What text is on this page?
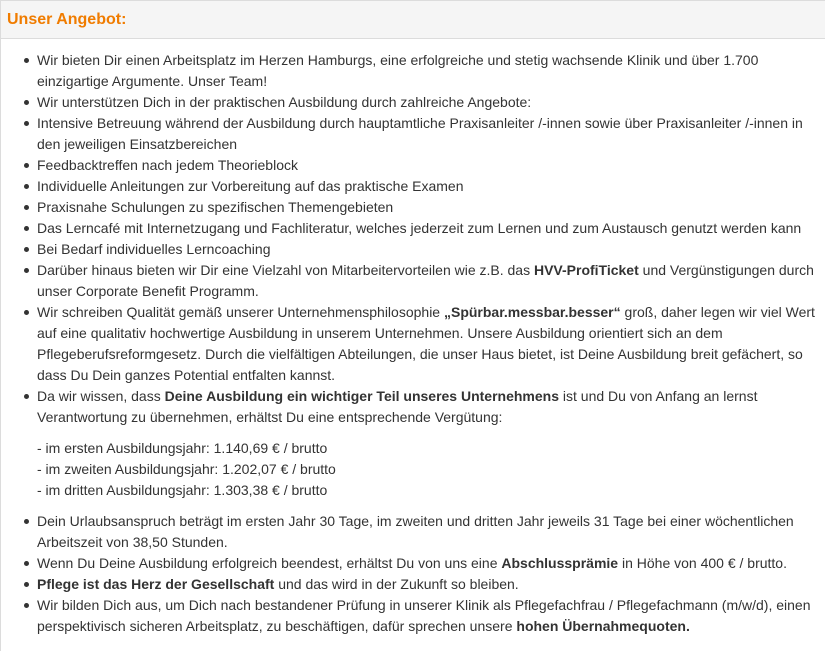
Unser Angebot:
Wir bieten Dir einen Arbeitsplatz im Herzen Hamburgs, eine erfolgreiche und stetig wachsende Klinik und über 1.700 einzigartige Argumente. Unser Team!
Wir unterstützen Dich in der praktischen Ausbildung durch zahlreiche Angebote:
Intensive Betreuung während der Ausbildung durch hauptamtliche Praxisanleiter /-innen sowie über Praxisanleiter /-innen in den jeweiligen Einsatzbereichen
Feedbacktreffen nach jedem Theorieblock
Individuelle Anleitungen zur Vorbereitung auf das praktische Examen
Praxisnahe Schulungen zu spezifischen Themengebieten
Das Lerncafé mit Internetzugang und Fachliteratur, welches jederzeit zum Lernen und zum Austausch genutzt werden kann
Bei Bedarf individuelles Lerncoaching
Darüber hinaus bieten wir Dir eine Vielzahl von Mitarbeitervorteilen wie z.B. das HVV-ProfiTicket und Vergünstigungen durch unser Corporate Benefit Programm.
Wir schreiben Qualität gemäß unserer Unternehmensphilosophie „Spürbar.messbar.besser“ groß, daher legen wir viel Wert auf eine qualitativ hochwertige Ausbildung in unserem Unternehmen. Unsere Ausbildung orientiert sich an dem Pflegeberufsreformgesetz. Durch die vielfältigen Abteilungen, die unser Haus bietet, ist Deine Ausbildung breit gefächert, so dass Du Dein ganzes Potential entfalten kannst.
Da wir wissen, dass Deine Ausbildung ein wichtiger Teil unseres Unternehmens ist und Du von Anfang an lernst Verantwortung zu übernehmen, erhältst Du eine entsprechende Vergütung:
- im ersten Ausbildungsjahr: 1.140,69 € / brutto
- im zweiten Ausbildungsjahr: 1.202,07 € / brutto
- im dritten Ausbildungsjahr: 1.303,38 € / brutto
Dein Urlaubsanspruch beträgt im ersten Jahr 30 Tage, im zweiten und dritten Jahr jeweils 31 Tage bei einer wöchentlichen Arbeitszeit von 38,50 Stunden.
Wenn Du Deine Ausbildung erfolgreich beendest, erhältst Du von uns eine Abschlussprämie in Höhe von 400 € / brutto.
Pflege ist das Herz der Gesellschaft und das wird in der Zukunft so bleiben.
Wir bilden Dich aus, um Dich nach bestandener Prüfung in unserer Klinik als Pflegefachfrau / Pflegefachmann (m/w/d), einen perspektivisch sicheren Arbeitsplatz, zu beschäftigen, dafür sprechen unsere hohen Übernahmequoten.
